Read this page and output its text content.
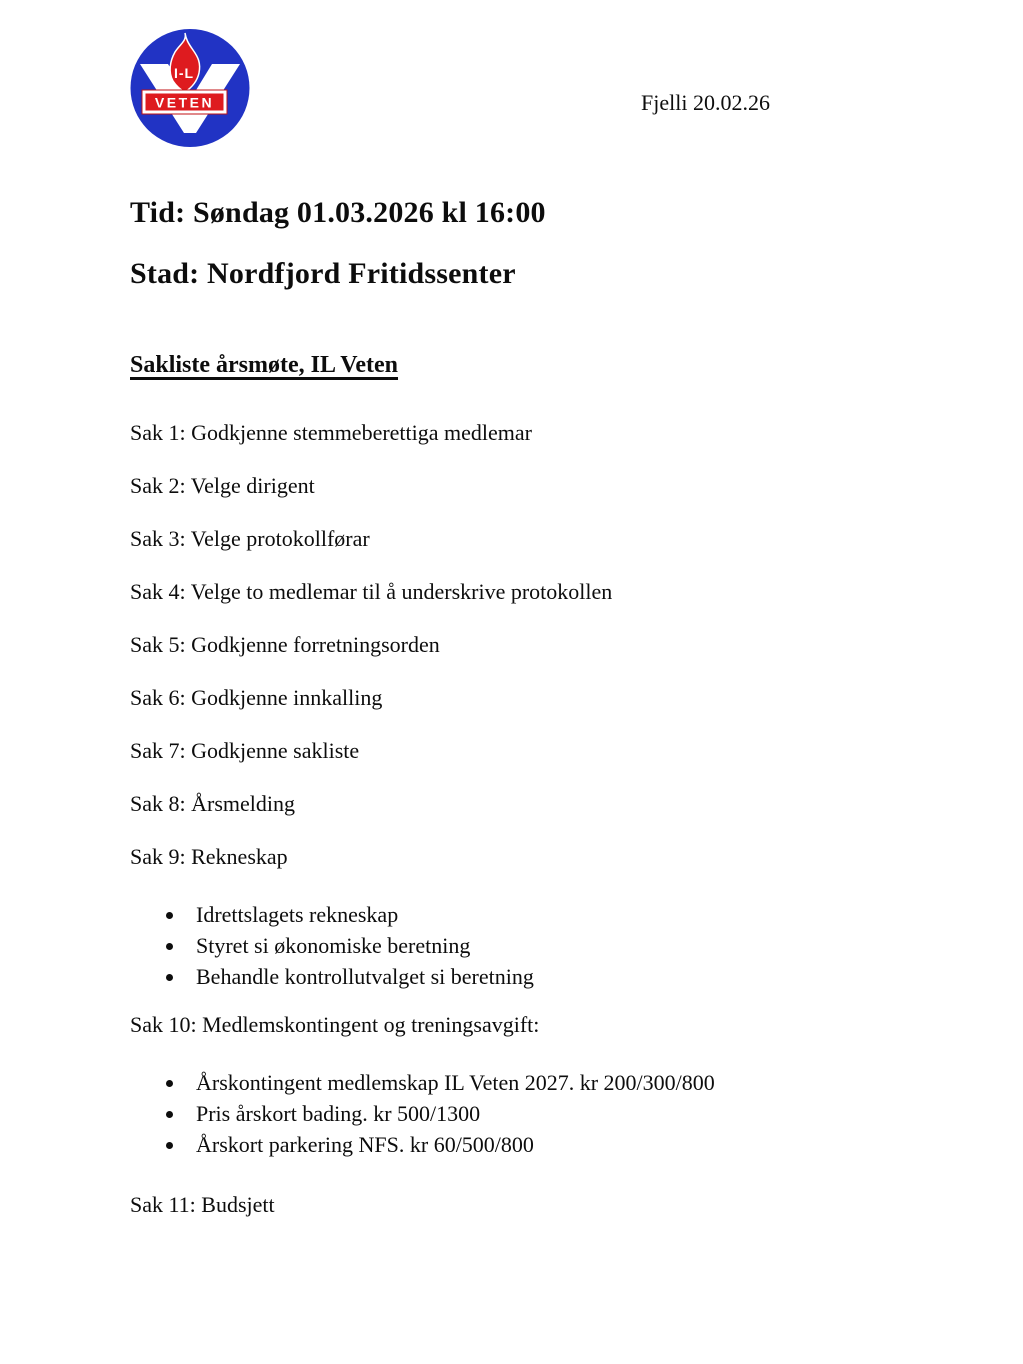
I-L
VETEN	Fjelli 20.02.26
Tid: Søndag 01.03.2026 kl 16:00
Stad: Nordfjord Fritidssenter
Sakliste årsmøte, IL Veten

Sak 1: Godkjenne stemmeberettiga medlemar

Sak 2: Velge dirigent

Sak 3: Velge protokollførar

Sak 4: Velge to medlemar til å underskrive protokollen

Sak 5: Godkjenne forretningsorden

Sak 6: Godkjenne innkalling

Sak 7: Godkjenne sakliste

Sak 8: Årsmelding

Sak 9: Rekneskap

Idrettslagets rekneskap
Styret si økonomiske beretning
Behandle kontrollutvalget si beretning

Sak 10: Medlemskontingent og treningsavgift:

Årskontingent medlemskap IL Veten 2027. kr 200/300/800
Pris årskort bading. kr 500/1300
Årskort parkering NFS. kr 60/500/800

Sak 11: Budsjett
